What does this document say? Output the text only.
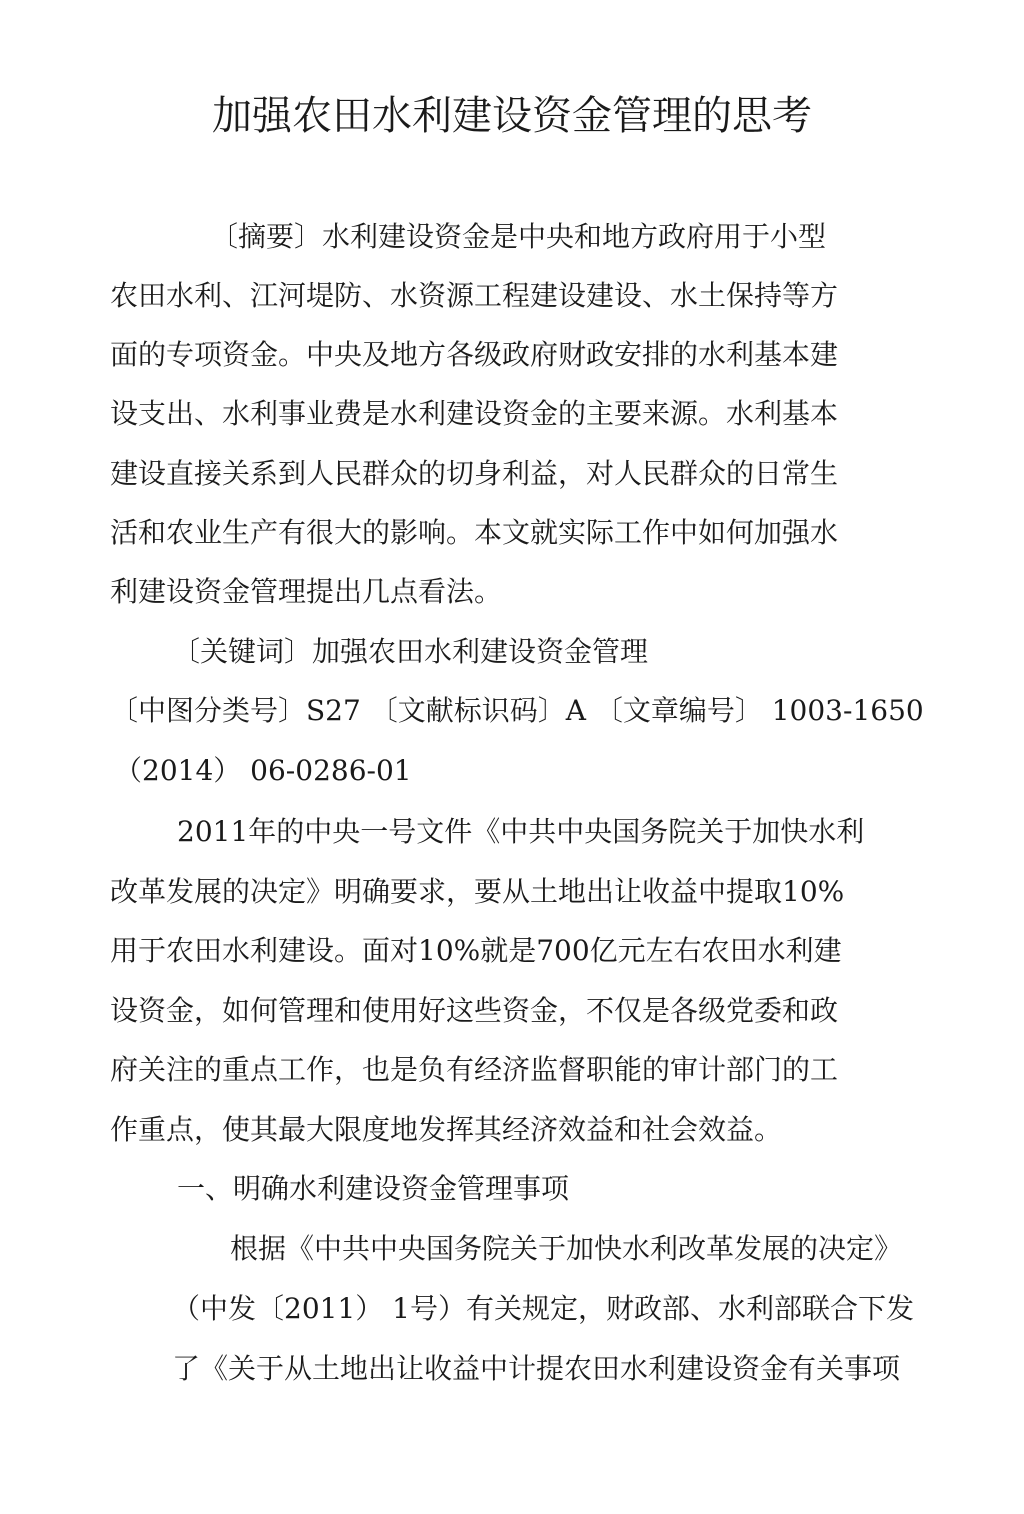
加强农田水利建设资金管理的思考

〔摘要〕水利建设资金是中央和地方政府用于小型

农田水利、江河堤防、水资源工程建设建设、水土保持等方

面的专项资金。中央及地方各级政府财政安排的水利基本建

设支出、水利事业费是水利建设资金的主要来源。水利基本

建设直接关系到人民群众的切身利益，对人民群众的日常生

活和农业生产有很大的影响。本文就实际工作中如何加强水

利建设资金管理提出几点看法。

〔关键词〕加强农田水利建设资金管理

〔中图分类号〕S27 〔文献标识码〕A 〔文章编号〕 1003-1650

（2014） 06-0286-01

2011年的中央一号文件《中共中央国务院关于加快水利

改革发展的决定》明确要求，要从土地出让收益中提取10%

用于农田水利建设。面对10%就是700亿元左右农田水利建

设资金，如何管理和使用好这些资金，不仅是各级党委和政

府关注的重点工作，也是负有经济监督职能的审计部门的工

作重点，使其最大限度地发挥其经济效益和社会效益。

一、明确水利建设资金管理事项

根据《中共中央国务院关于加快水利改革发展的决定》

（中发〔2011） 1号）有关规定，财政部、水利部联合下发

了《关于从土地出让收益中计提农田水利建设资金有关事项
